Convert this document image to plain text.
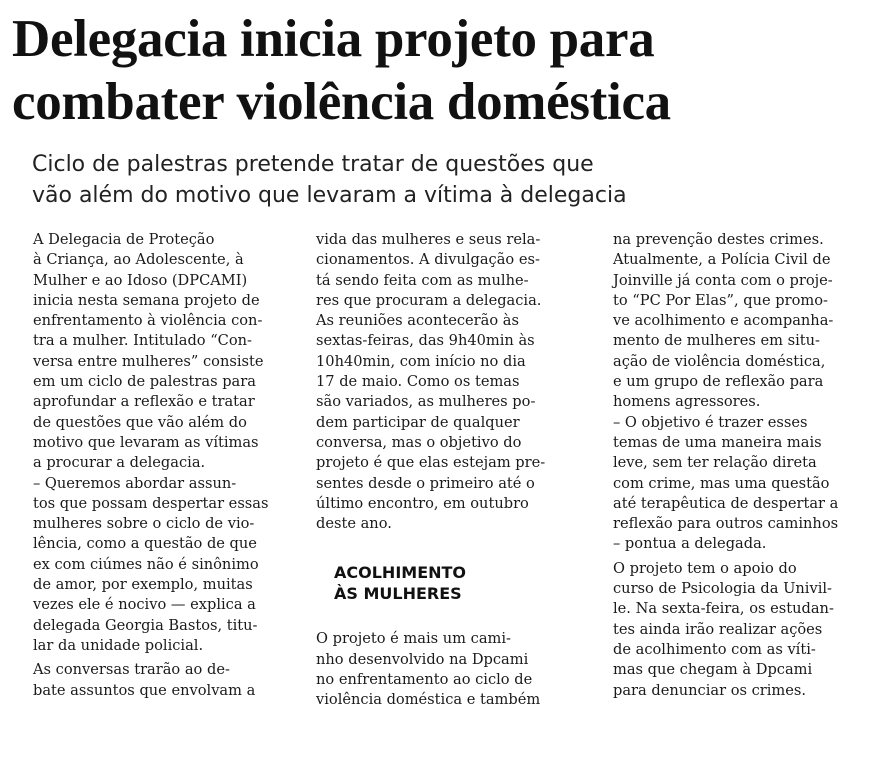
Delegacia inicia projeto para
combater violência doméstica
Ciclo de palestras pretende tratar de questões que
vão além do motivo que levaram a vítima à delegacia
A Delegacia de Proteção
à Criança, ao Adolescente, à
Mulher e ao Idoso (DPCAMI)
inicia nesta semana projeto de
enfrentamento à violência con-
tra a mulher. Intitulado “Con-
versa entre mulheres” consiste
em um ciclo de palestras para
aprofundar a reflexão e tratar
de questões que vão além do
motivo que levaram as vítimas
a procurar a delegacia.
– Queremos abordar assun-
tos que possam despertar essas
mulheres sobre o ciclo de vio-
lência, como a questão de que
ex com ciúmes não é sinônimo
de amor, por exemplo, muitas
vezes ele é nocivo — explica a
delegada Georgia Bastos, titu-
lar da unidade policial.
As conversas trarão ao de-
bate assuntos que envolvam a
vida das mulheres e seus rela-
cionamentos. A divulgação es-
tá sendo feita com as mulhe-
res que procuram a delegacia.
As reuniões acontecerão às
sextas-feiras, das 9h40min às
10h40min, com início no dia
17 de maio. Como os temas
são variados, as mulheres po-
dem participar de qualquer
conversa, mas o objetivo do
projeto é que elas estejam pre-
sentes desde o primeiro até o
último encontro, em outubro
deste ano.
ACOLHIMENTO
ÀS MULHERES
O projeto é mais um cami-
nho desenvolvido na Dpcami
no enfrentamento ao ciclo de
violência doméstica e também
na prevenção destes crimes.
Atualmente, a Polícia Civil de
Joinville já conta com o proje-
to “PC Por Elas”, que promo-
ve acolhimento e acompanha-
mento de mulheres em situ-
ação de violência doméstica,
e um grupo de reflexão para
homens agressores.
– O objetivo é trazer esses
temas de uma maneira mais
leve, sem ter relação direta
com crime, mas uma questão
até terapêutica de despertar a
reflexão para outros caminhos
– pontua a delegada.
O projeto tem o apoio do
curso de Psicologia da Univil-
le. Na sexta-feira, os estudan-
tes ainda irão realizar ações
de acolhimento com as víti-
mas que chegam à Dpcami
para denunciar os crimes.
